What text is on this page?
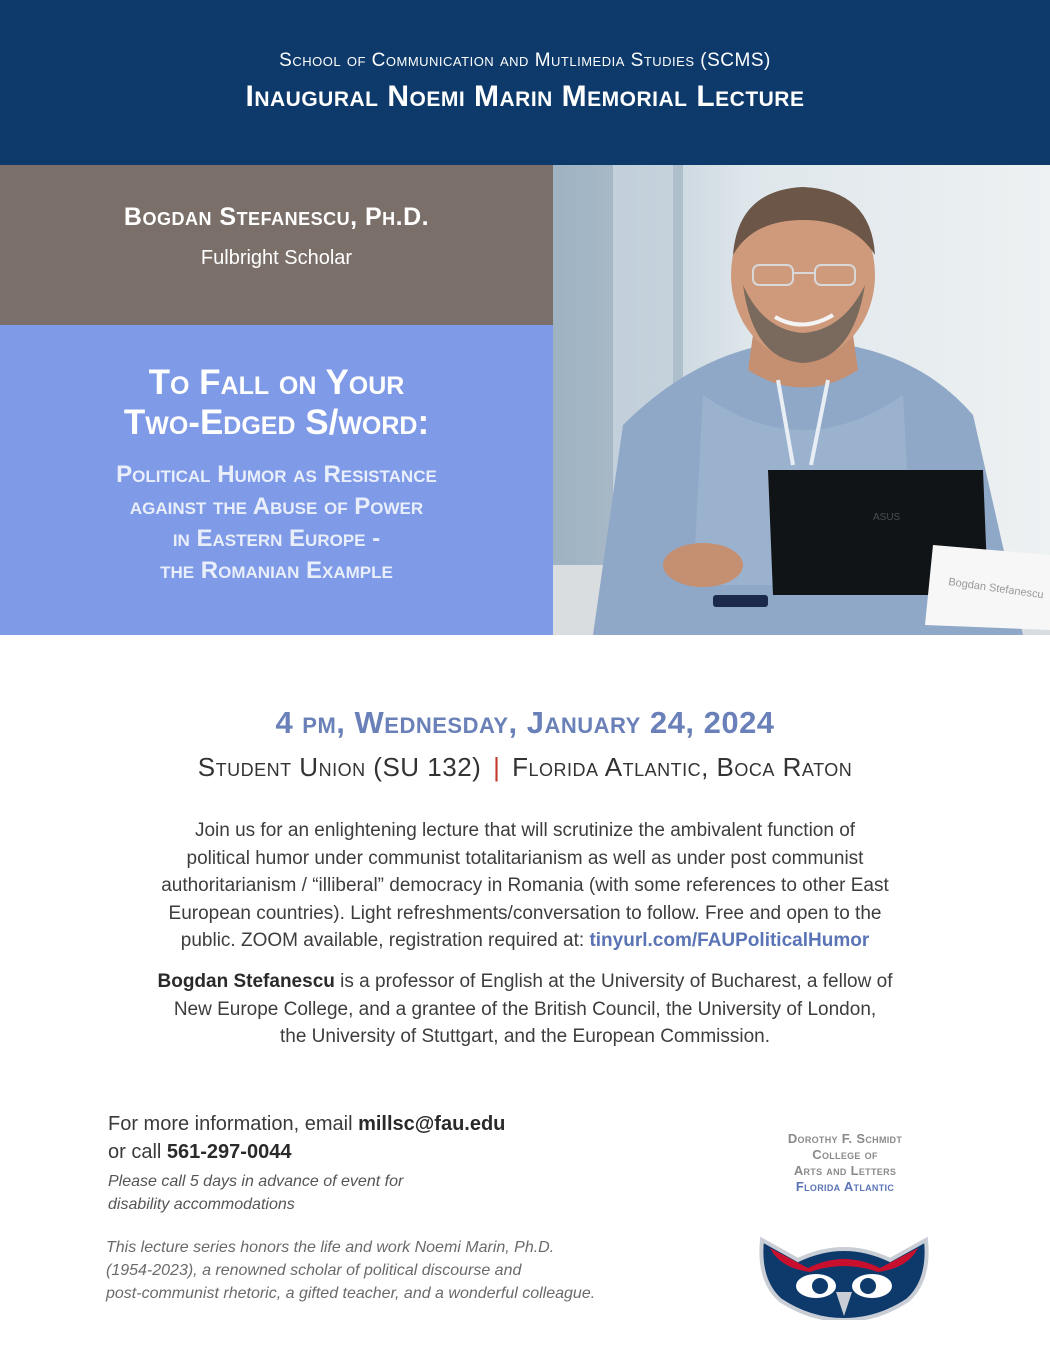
School of Communication and Mutlimedia Studies (SCMS)
Inaugural Noemi Marin Memorial Lecture
Bogdan Stefanescu, Ph.D.
Fulbright Scholar
To Fall on Your
Two-Edged S/word:
Political Humor as Resistance
against the Abuse of Power
in Eastern Europe -
the Romanian Example
ASUS
Bogdan Stefanescu
4 pm, Wednesday, January 24, 2024
Student Union (SU 132) | Florida Atlantic, Boca Raton
Join us for an enlightening lecture that will scrutinize the ambivalent function of
political humor under communist totalitarianism as well as under post communist
authoritarianism / “illiberal” democracy in Romania (with some references to other East
European countries). Light refreshments/conversation to follow. Free and open to the
public. ZOOM available, registration required at: tinyurl.com/FAUPoliticalHumor
Bogdan Stefanescu is a professor of English at the University of Bucharest, a fellow of
New Europe College, and a grantee of the British Council, the University of London,
the University of Stuttgart, and the European Commission.
For more information, email millsc@fau.edu
or call 561-297-0044
Please call 5 days in advance of event for
disability accommodations
This lecture series honors the life and work Noemi Marin, Ph.D.
(1954-2023), a renowned scholar of political discourse and
post-communist rhetoric, a gifted teacher, and a wonderful colleague.
Dorothy F. Schmidt
College of
Arts and Letters
Florida Atlantic
